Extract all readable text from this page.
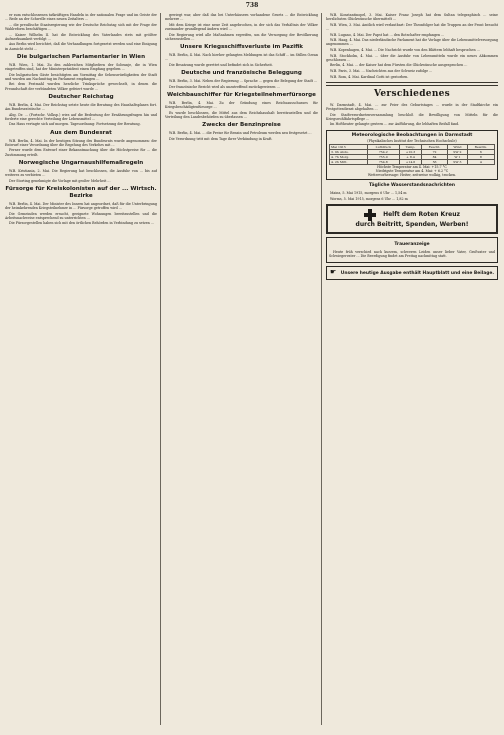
738

er zum entschlossenen tatkräftigen Handeln in der nationalen Frage und im Geiste der ... Rede an der Schwelle eines neuen Zeitalters ...

... die preußische Staatsregierung wie der Deutsche Reichstag sich mit der Frage der Wahlreform beschäftigen ...

... Kaiser Wilhelm II. hat die Entwicklung des Vaterlandes stets mit größter Aufmerksamkeit verfolgt ...

Aus Berlin wird berichtet, daß die Verhandlungen fortgesetzt werden und eine Einigung in Aussicht steht ...

Die bulgarischen Parlamentarier in Wien

W.B. Wien, 1. Mai. Zu den zahlreichen Mitgliedern der Sobranje, die in Wien eingetroffen sind, hat der Ministerpräsident einen Empfang gegeben ...

Die bulgarischen Gäste besichtigten am Vormittag die Sehenswürdigkeiten der Stadt und wurden am Nachmittag im Parlament empfangen ...

Bei dem Festmahl wurden herzliche Trinksprüche gewechselt, in denen die Freundschaft der verbündeten Völker gefeiert wurde ...

Deutscher Reichstag

W.B. Berlin, 4. Mai. Der Reichstag setzte heute die Beratung des Haushaltsplanes fort. Am Bundesratstische ...

Abg. Dr. ... (Fortschr. Volksp.) wies auf die Bedeutung der Ernährungsfragen hin und forderte eine gerechte Verteilung der Lebensmittel ...

Das Haus vertagte sich auf morgen. Tagesordnung: Fortsetzung der Beratung.

Aus dem Bundesrat

W.B. Berlin, 4. Mai. In der heutigen Sitzung des Bundesrats wurde angenommen: der Entwurf einer Verordnung über die Regelung des Verkehrs mit ...

Ferner wurde dem Entwurf einer Bekanntmachung über die Höchstpreise für ... die Zustimmung erteilt.

Norwegische Ungarnaushilfemaßregeln

W.B. Kristiania, 2. Mai. Die Regierung hat beschlossen, die Ausfuhr von ... bis auf weiteres zu verbieten ...

Der Storting genehmigte die Vorlage mit großer Mehrheit ...

Fürsorge für Kreiskolonisten auf der ... Wirtsch. Bezirke

W.B. Berlin, 4. Mai. Der Minister des Innern hat angeordnet, daß für die Unterbringung der heimkehrenden Kriegsteilnehmer in ... Fürsorge getroffen wird ...

Die Gemeinden werden ersucht, geeignete Wohnungen bereitzustellen und die Arbeitsnachweise entsprechend zu unterrichten ...

Die Fürsorgestellen haben sich mit den örtlichen Behörden in Verbindung zu setzen ...

gewiegt war, aber daß das bei Unterhäusern vorhandene Gesetz ... die Entwicklung mehrere ...

Mit dem Kriege ist eine neue Zeit angebrochen, in der sich das Verhältnis der Völker zueinander grundlegend ändern wird ...

Die Regierung wird alle Maßnahmen ergreifen, um die Versorgung der Bevölkerung sicherzustellen ...

Unsere Kriegsschiffsverluste im Pazifik

W.B. Berlin, 4. Mai. Nach hierher gelangten Meldungen ist das Schiff ... im Stillen Ozean ...

Die Besatzung wurde gerettet und befindet sich in Sicherheit.

Deutsche und französische Beleggung

W.B. Berlin, 3. Mai. Neben der Regierung ... Sprache ... gegen die Belegung der Stadt ...

Der französische Bericht wird als unzutreffend zurückgewiesen ...

Weichbauschiffer für Kriegsteilnehmerfürsorge

W.B. Berlin, 4. Mai. Zu der Gründung eines Reichsausschusses für Kriegsbeschädigtenfürsorge ...

Es wurde beschlossen, die Mittel aus dem Reichshaushalt bereitzustellen und die Verteilung den Landesbehörden zu überlassen ...

Zwecks der Benzinpreise

W.B. Berlin, 4. Mai. ... die Preise für Benzin und Petroleum werden neu festgesetzt ...

Die Verordnung tritt mit dem Tage ihrer Verkündung in Kraft.

W.B. Konstantinopel, 3. Mai. Kaiser Franz Joseph hat dem Sultan telegraphisch ... seine herzlichsten Glückwünsche übermittelt ...

W.B. Wien, 3. Mai. Amtlich wird verlautbart: Der Thronfolger hat die Truppen an der Front besucht ...

W.B. Lugano, 4. Mai. Der Papst hat ... den Botschafter empfangen ...

W.B. Haag, 4. Mai. Das niederländische Parlament hat die Vorlage über die Lebensmittelversorgung angenommen ...

W.B. Kopenhagen, 4. Mai. ... Die Nachricht wurde von den Blättern lebhaft besprochen ...

W.B. Stockholm, 4. Mai. ... über die Ausfuhr von Lebensmitteln wurde ein neues Abkommen geschlossen ...

Berlin, 4. Mai. ... der Kaiser hat dem Fürsten die Glückwünsche ausgesprochen ...

W.B. Paris, 3. Mai. ... Nachrichten aus der Schweiz zufolge ...

W.B. Rom, 4. Mai. Kardinal Gotti ist gestorben.

Verschiedenes

W. Darmstadt, 4. Mai. ... zur Feier des Geburtstages ... wurde in der Stadtkirche ein Festgottesdienst abgehalten ...

Die Stadtverordnetenversammlung beschloß die Bewilligung von Mitteln für die Kriegswohlfahrtspflege ...

Im Hoftheater gelangte gestern ... zur Aufführung, die lebhaften Beifall fand.

Meteorologische Beobachtungen in Darmstadt
(Physikalisches Institut der Technischen Hochschule)
Mai 1915	Luftdruck	Temp.	Feucht.	Wind	Bewölk.
3. 9h Abds.	754.2	+10.3	72	SW 2	6
4. 7h Morg.	755.0	+ 8.4	84	W 1	8
4. 2h Mitt.	754.8	+14.6	56	SW 3	4
Höchste Temperatur am 4. Mai: +15.7 °C
Niedrigste Temperatur am 4. Mai: + 6.2 °C
Wettervorhersage: Heiter, zeitweise wolkig, trocken.
Tägliche Wasserstandsnachrichten

Mainz, 5. Mai 1915, morgens 6 Uhr ... 1,54 m

Worms, 5. Mai 1915, morgens 6 Uhr ... 1,82 m

Helft dem Roten Kreuz
durch Beitritt, Spenden, Werben!
Traueranzeige

Heute früh verschied nach kurzem, schweren Leiden unser lieber Vater, Großvater und Schwiegervater ... Die Beerdigung findet am Freitag nachmittag statt.

☛ Unsere heutige Ausgabe enthält Hauptblatt und eine Beilage.
